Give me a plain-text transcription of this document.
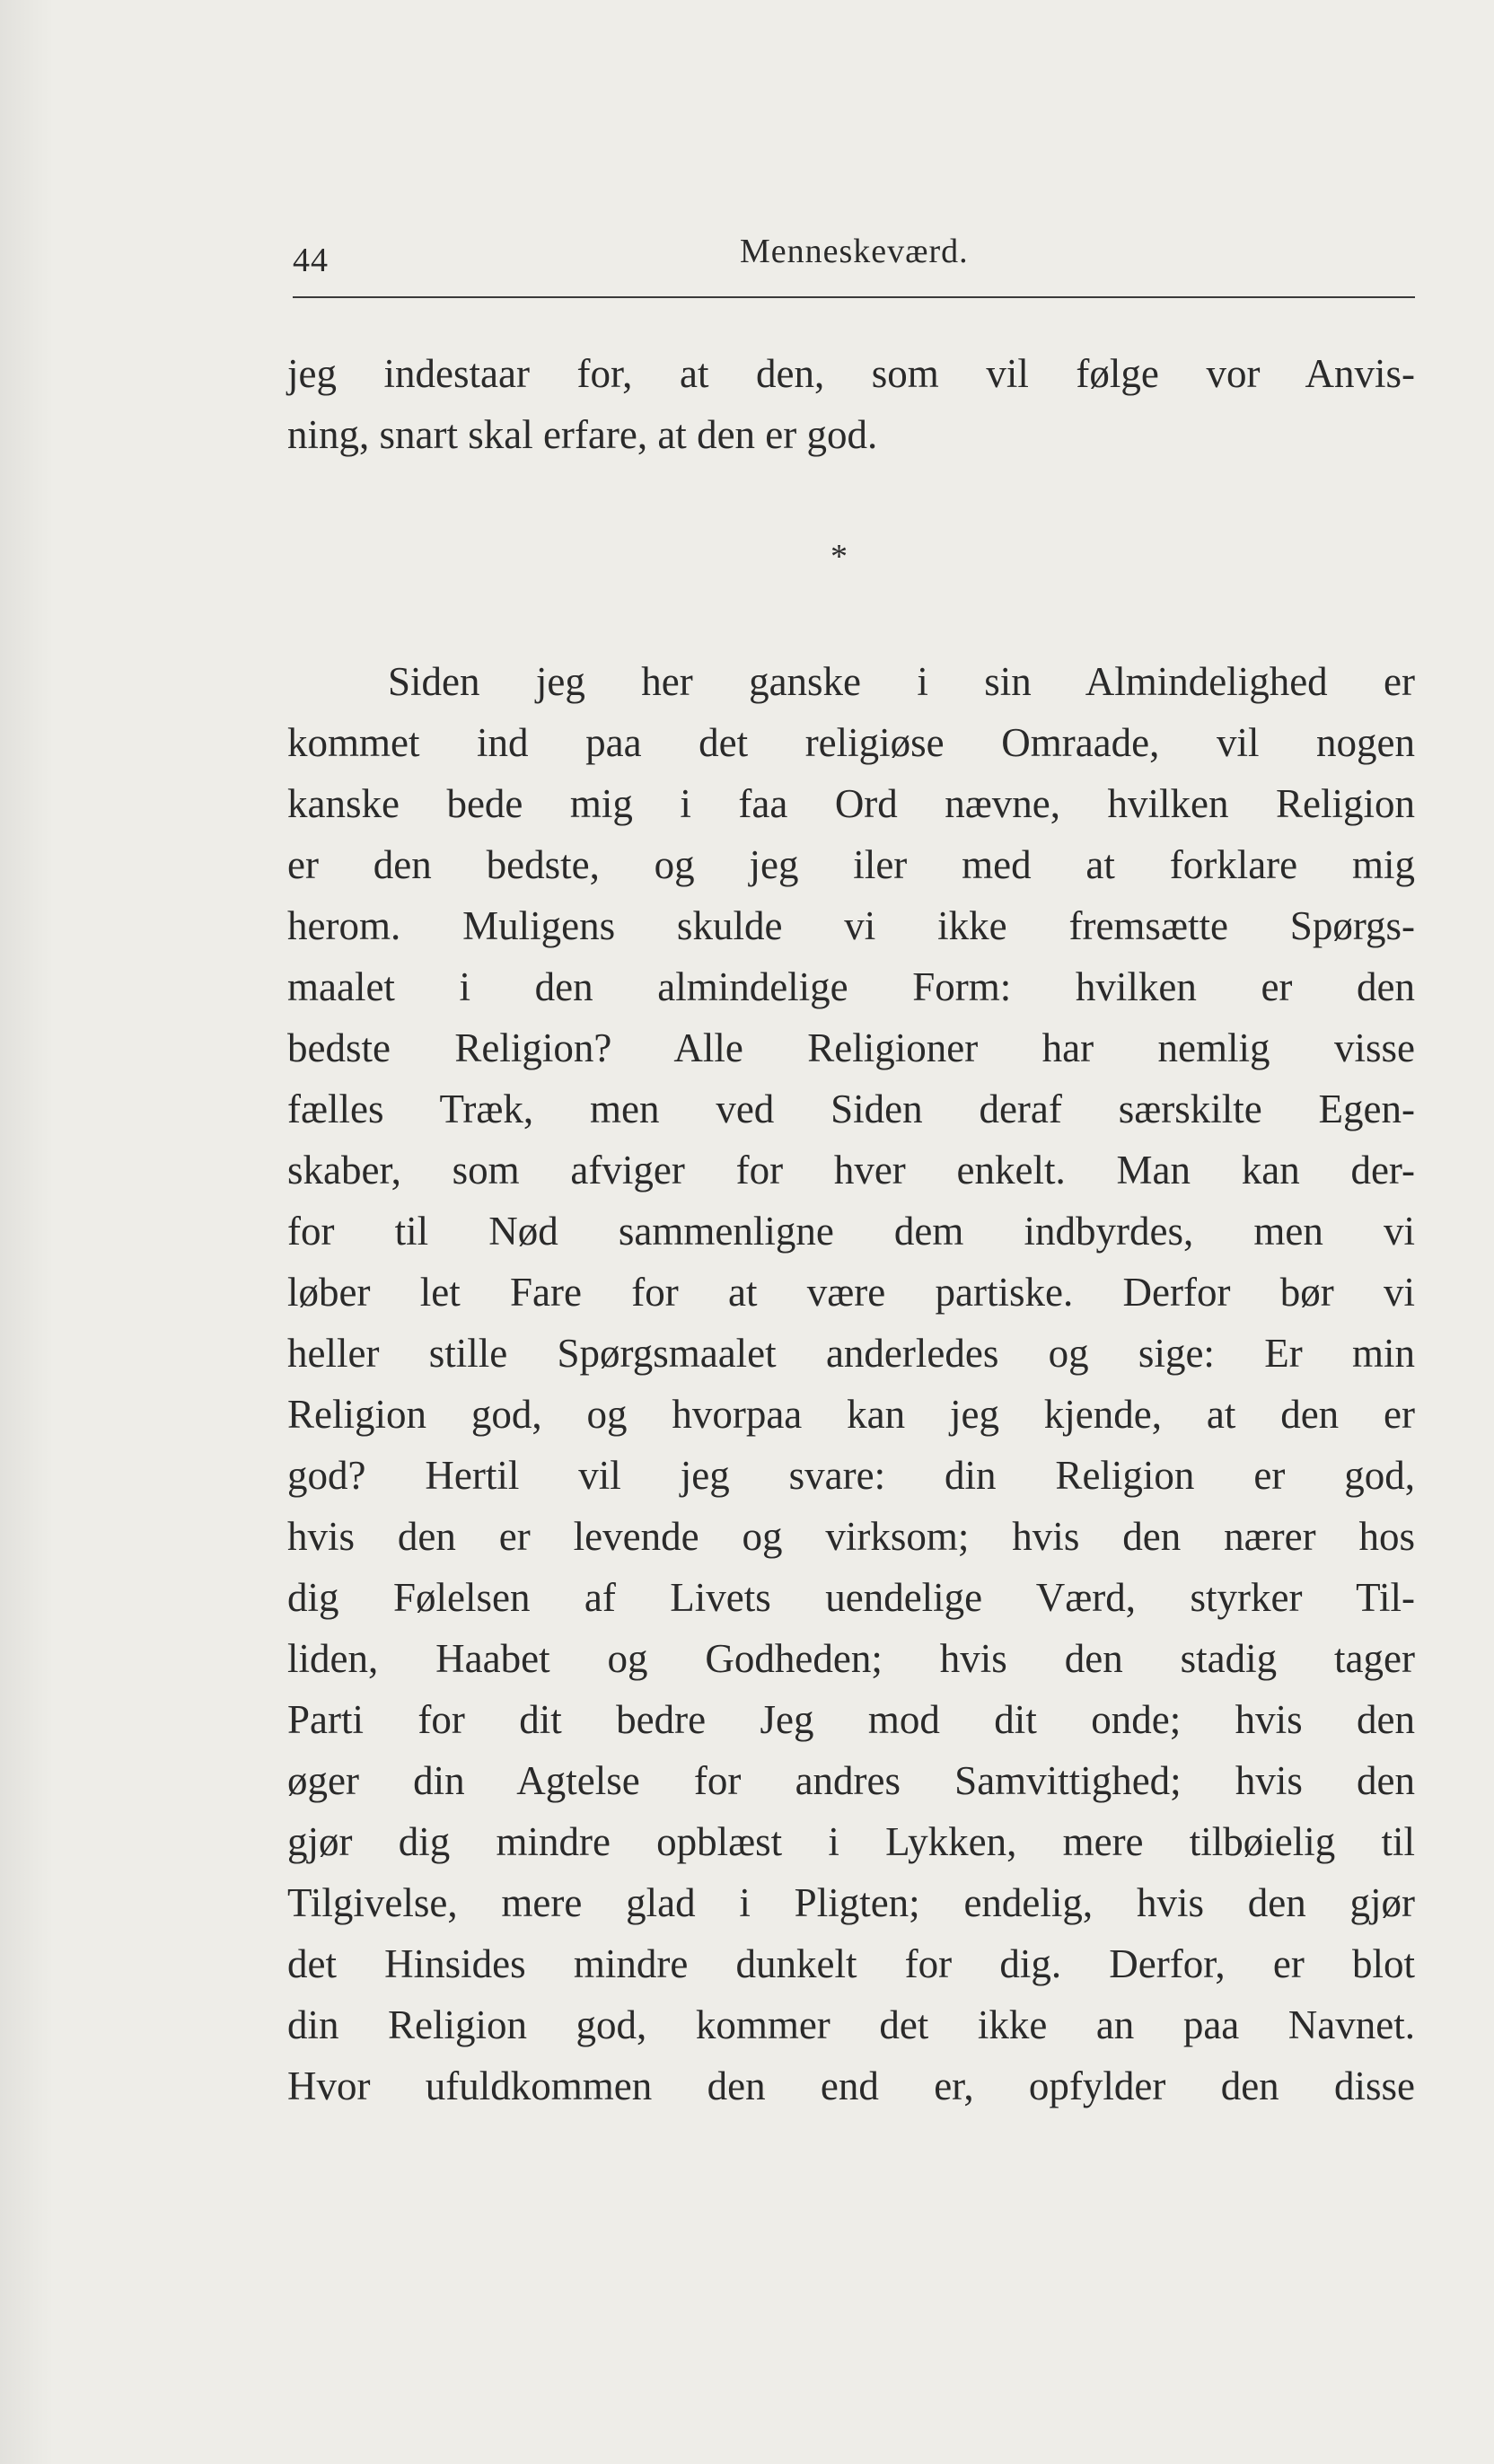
44	Menneskeværd.
jeg indestaar for, at den, som vil følge vor Anvis-
ning, snart skal erfare, at den er god.
*
Siden jeg her ganske i sin Almindelighed er
kommet ind paa det religiøse Omraade, vil nogen
kanske bede mig i faa Ord nævne, hvilken Religion
er den bedste, og jeg iler med at forklare mig
herom. Muligens skulde vi ikke fremsætte Spørgs-
maalet i den almindelige Form: hvilken er den
bedste Religion? Alle Religioner har nemlig visse
fælles Træk, men ved Siden deraf særskilte Egen-
skaber, som afviger for hver enkelt. Man kan der-
for til Nød sammenligne dem indbyrdes, men vi
løber let Fare for at være partiske. Derfor bør vi
heller stille Spørgsmaalet anderledes og sige: Er min
Religion god, og hvorpaa kan jeg kjende, at den er
god? Hertil vil jeg svare: din Religion er god,
hvis den er levende og virksom; hvis den nærer hos
dig Følelsen af Livets uendelige Værd, styrker Til-
liden, Haabet og Godheden; hvis den stadig tager
Parti for dit bedre Jeg mod dit onde; hvis den
øger din Agtelse for andres Samvittighed; hvis den
gjør dig mindre opblæst i Lykken, mere tilbøielig til
Tilgivelse, mere glad i Pligten; endelig, hvis den gjør
det Hinsides mindre dunkelt for dig. Derfor, er blot
din Religion god, kommer det ikke an paa Navnet.
Hvor ufuldkommen den end er, opfylder den disse
